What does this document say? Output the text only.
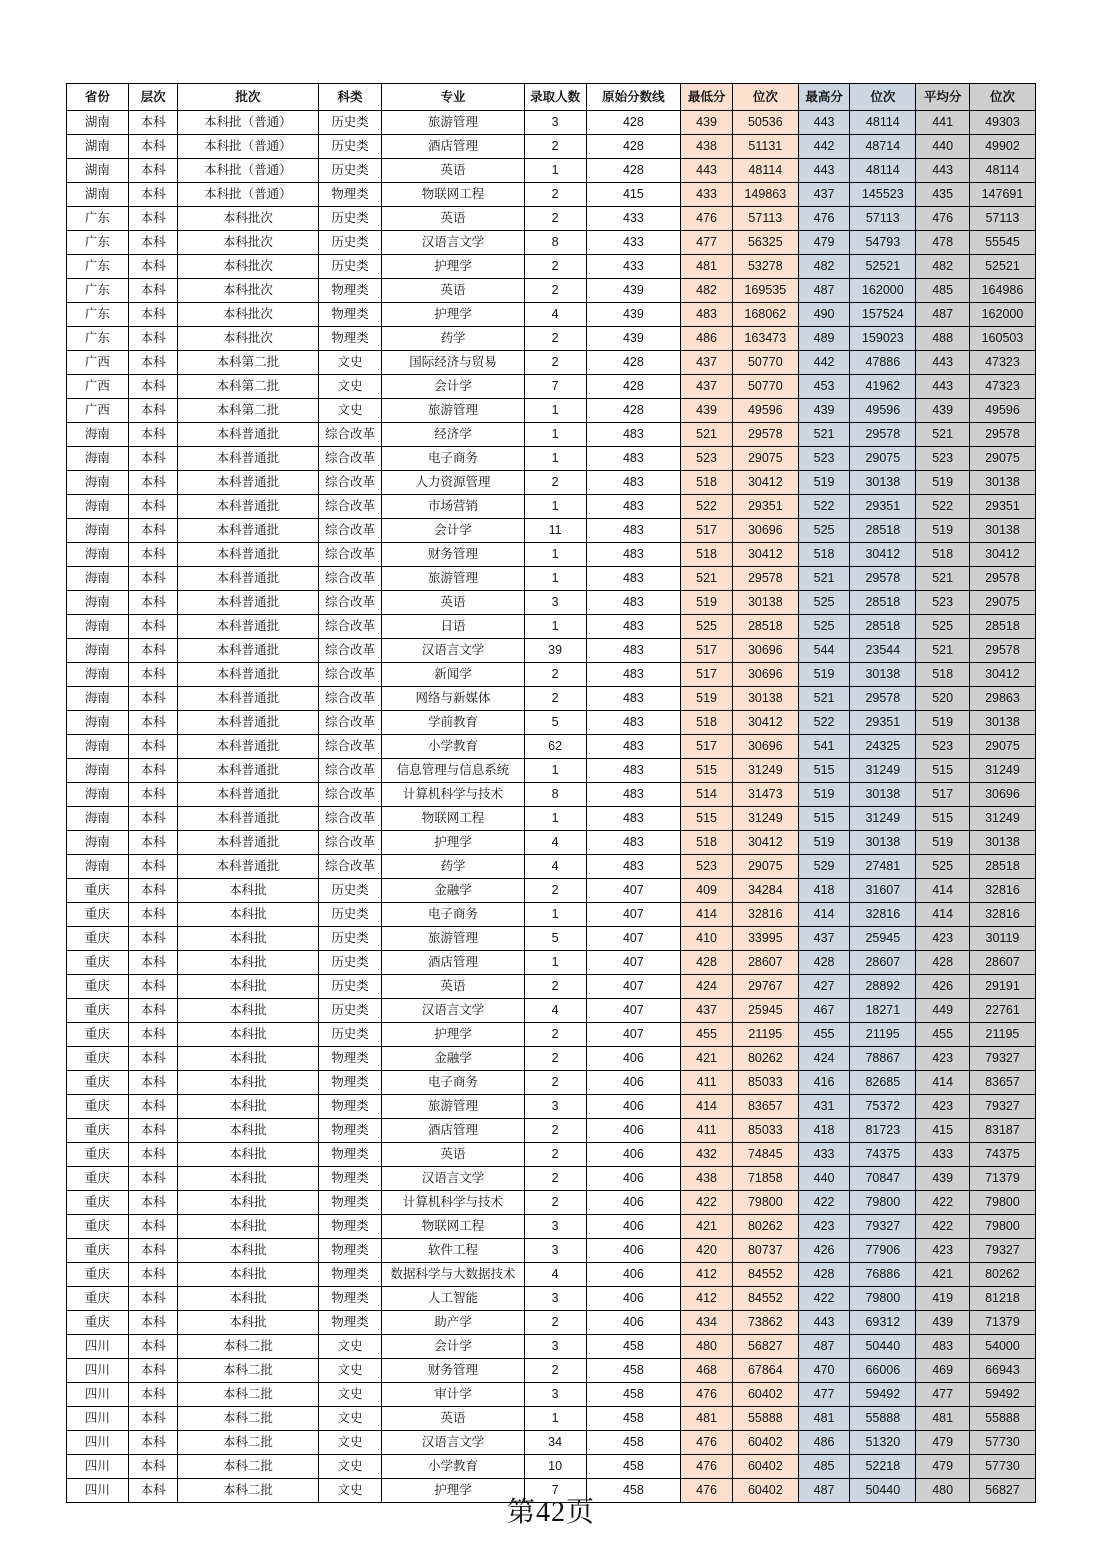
省份	层次	批次	科类	专业	录取人数	原始分数线	最低分	位次	最高分	位次	平均分	位次
湖南	本科	本科批（普通）	历史类	旅游管理	3	428	439	50536	443	48114	441	49303
湖南	本科	本科批（普通）	历史类	酒店管理	2	428	438	51131	442	48714	440	49902
湖南	本科	本科批（普通）	历史类	英语	1	428	443	48114	443	48114	443	48114
湖南	本科	本科批（普通）	物理类	物联网工程	2	415	433	149863	437	145523	435	147691
广东	本科	本科批次	历史类	英语	2	433	476	57113	476	57113	476	57113
广东	本科	本科批次	历史类	汉语言文学	8	433	477	56325	479	54793	478	55545
广东	本科	本科批次	历史类	护理学	2	433	481	53278	482	52521	482	52521
广东	本科	本科批次	物理类	英语	2	439	482	169535	487	162000	485	164986
广东	本科	本科批次	物理类	护理学	4	439	483	168062	490	157524	487	162000
广东	本科	本科批次	物理类	药学	2	439	486	163473	489	159023	488	160503
广西	本科	本科第二批	文史	国际经济与贸易	2	428	437	50770	442	47886	443	47323
广西	本科	本科第二批	文史	会计学	7	428	437	50770	453	41962	443	47323
广西	本科	本科第二批	文史	旅游管理	1	428	439	49596	439	49596	439	49596
海南	本科	本科普通批	综合改革	经济学	1	483	521	29578	521	29578	521	29578
海南	本科	本科普通批	综合改革	电子商务	1	483	523	29075	523	29075	523	29075
海南	本科	本科普通批	综合改革	人力资源管理	2	483	518	30412	519	30138	519	30138
海南	本科	本科普通批	综合改革	市场营销	1	483	522	29351	522	29351	522	29351
海南	本科	本科普通批	综合改革	会计学	11	483	517	30696	525	28518	519	30138
海南	本科	本科普通批	综合改革	财务管理	1	483	518	30412	518	30412	518	30412
海南	本科	本科普通批	综合改革	旅游管理	1	483	521	29578	521	29578	521	29578
海南	本科	本科普通批	综合改革	英语	3	483	519	30138	525	28518	523	29075
海南	本科	本科普通批	综合改革	日语	1	483	525	28518	525	28518	525	28518
海南	本科	本科普通批	综合改革	汉语言文学	39	483	517	30696	544	23544	521	29578
海南	本科	本科普通批	综合改革	新闻学	2	483	517	30696	519	30138	518	30412
海南	本科	本科普通批	综合改革	网络与新媒体	2	483	519	30138	521	29578	520	29863
海南	本科	本科普通批	综合改革	学前教育	5	483	518	30412	522	29351	519	30138
海南	本科	本科普通批	综合改革	小学教育	62	483	517	30696	541	24325	523	29075
海南	本科	本科普通批	综合改革	信息管理与信息系统	1	483	515	31249	515	31249	515	31249
海南	本科	本科普通批	综合改革	计算机科学与技术	8	483	514	31473	519	30138	517	30696
海南	本科	本科普通批	综合改革	物联网工程	1	483	515	31249	515	31249	515	31249
海南	本科	本科普通批	综合改革	护理学	4	483	518	30412	519	30138	519	30138
海南	本科	本科普通批	综合改革	药学	4	483	523	29075	529	27481	525	28518
重庆	本科	本科批	历史类	金融学	2	407	409	34284	418	31607	414	32816
重庆	本科	本科批	历史类	电子商务	1	407	414	32816	414	32816	414	32816
重庆	本科	本科批	历史类	旅游管理	5	407	410	33995	437	25945	423	30119
重庆	本科	本科批	历史类	酒店管理	1	407	428	28607	428	28607	428	28607
重庆	本科	本科批	历史类	英语	2	407	424	29767	427	28892	426	29191
重庆	本科	本科批	历史类	汉语言文学	4	407	437	25945	467	18271	449	22761
重庆	本科	本科批	历史类	护理学	2	407	455	21195	455	21195	455	21195
重庆	本科	本科批	物理类	金融学	2	406	421	80262	424	78867	423	79327
重庆	本科	本科批	物理类	电子商务	2	406	411	85033	416	82685	414	83657
重庆	本科	本科批	物理类	旅游管理	3	406	414	83657	431	75372	423	79327
重庆	本科	本科批	物理类	酒店管理	2	406	411	85033	418	81723	415	83187
重庆	本科	本科批	物理类	英语	2	406	432	74845	433	74375	433	74375
重庆	本科	本科批	物理类	汉语言文学	2	406	438	71858	440	70847	439	71379
重庆	本科	本科批	物理类	计算机科学与技术	2	406	422	79800	422	79800	422	79800
重庆	本科	本科批	物理类	物联网工程	3	406	421	80262	423	79327	422	79800
重庆	本科	本科批	物理类	软件工程	3	406	420	80737	426	77906	423	79327
重庆	本科	本科批	物理类	数据科学与大数据技术	4	406	412	84552	428	76886	421	80262
重庆	本科	本科批	物理类	人工智能	3	406	412	84552	422	79800	419	81218
重庆	本科	本科批	物理类	助产学	2	406	434	73862	443	69312	439	71379
四川	本科	本科二批	文史	会计学	3	458	480	56827	487	50440	483	54000
四川	本科	本科二批	文史	财务管理	2	458	468	67864	470	66006	469	66943
四川	本科	本科二批	文史	审计学	3	458	476	60402	477	59492	477	59492
四川	本科	本科二批	文史	英语	1	458	481	55888	481	55888	481	55888
四川	本科	本科二批	文史	汉语言文学	34	458	476	60402	486	51320	479	57730
四川	本科	本科二批	文史	小学教育	10	458	476	60402	485	52218	479	57730
四川	本科	本科二批	文史	护理学	7	458	476	60402	487	50440	480	56827
第42页
